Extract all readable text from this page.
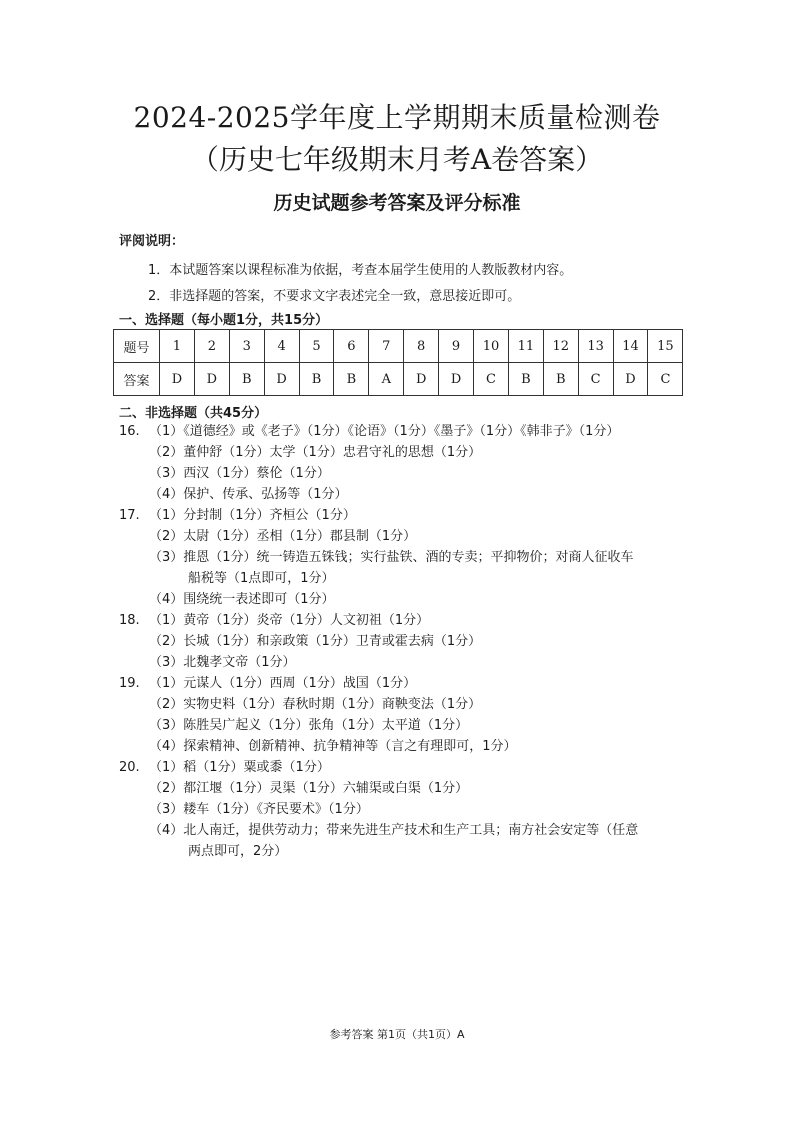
2024-2025学年度上学期期末质量检测卷
（历史七年级期末月考A卷答案）
历史试题参考答案及评分标准
评阅说明：
1．本试题答案以课程标准为依据，考查本届学生使用的人教版教材内容。
2．非选择题的答案，不要求文字表述完全一致，意思接近即可。
一、选择题（每小题1分，共15分）
题号	1	2	3	4	5	6	7	8	9	10	11	12	13	14	15
答案	D	D	B	D	B	B	A	D	D	C	B	B	C	D	C
二、非选择题（共45分）
16. （1）《道德经》或《老子》（1分）《论语》（1分）《墨子》（1分）《韩非子》（1分）
（2）董仲舒（1分）太学（1分）忠君守礼的思想（1分）
（3）西汉（1分）蔡伦（1分）
（4）保护、传承、弘扬等（1分）
17. （1）分封制（1分）齐桓公（1分）
（2）太尉（1分）丞相（1分）郡县制（1分）
（3）推恩（1分）统一铸造五铢钱；实行盐铁、酒的专卖；平抑物价；对商人征收车
船税等（1点即可，1分）
（4）围绕统一表述即可（1分）
18. （1）黄帝（1分）炎帝（1分）人文初祖（1分）
（2）长城（1分）和亲政策（1分）卫青或霍去病（1分）
（3）北魏孝文帝（1分）
19. （1）元谋人（1分）西周（1分）战国（1分）
（2）实物史料（1分）春秋时期（1分）商鞅变法（1分）
（3）陈胜吴广起义（1分）张角（1分）太平道（1分）
（4）探索精神、创新精神、抗争精神等（言之有理即可，1分）
20. （1）稻（1分）粟或黍（1分）
（2）都江堰（1分）灵渠（1分）六辅渠或白渠（1分）
（3）耧车（1分）《齐民要术》（1分）
（4）北人南迁，提供劳动力；带来先进生产技术和生产工具；南方社会安定等（任意
两点即可，2分）
参考答案 第1页（共1页）A
